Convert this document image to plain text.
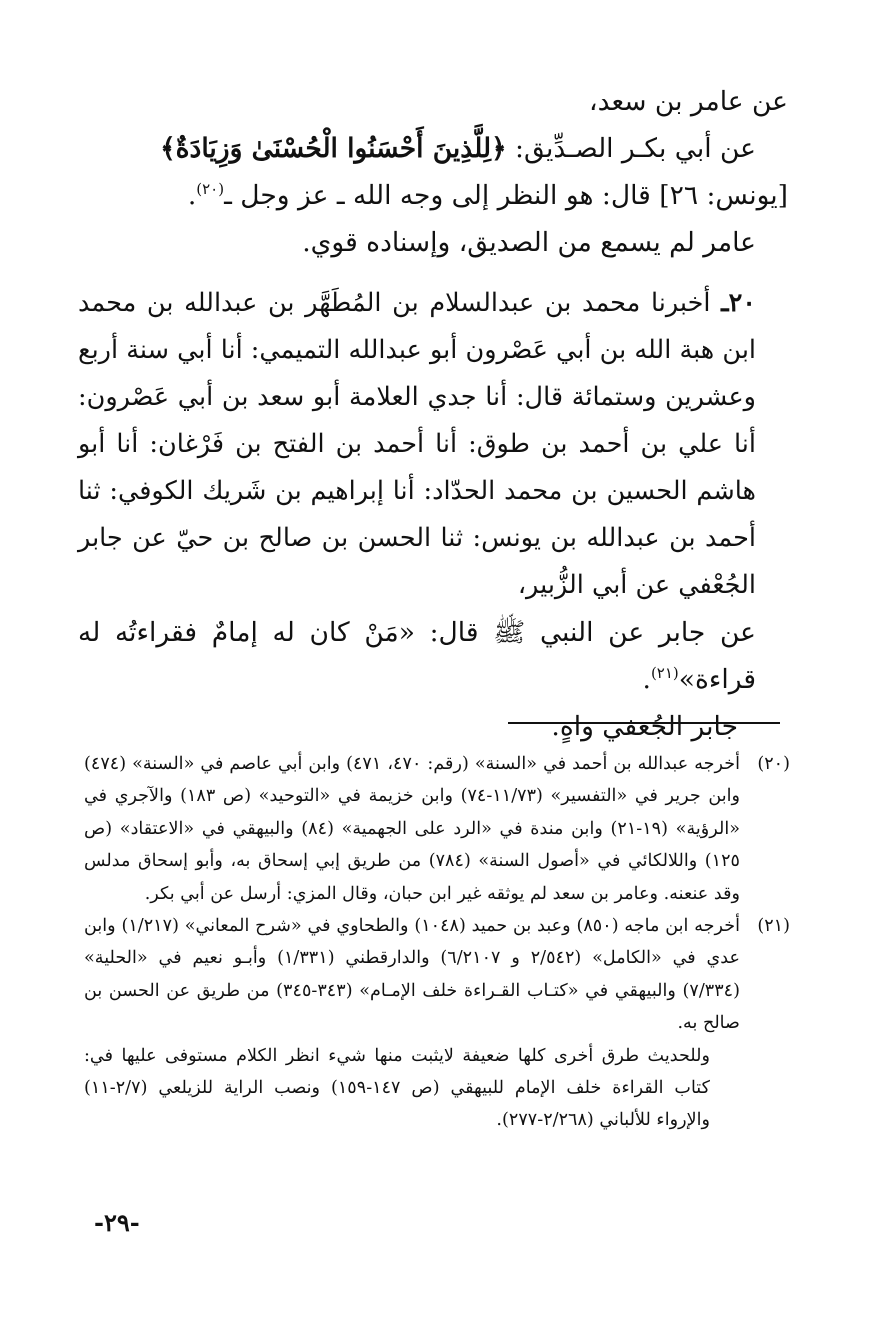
عن عامر بن سعد،

عن أبي بكـر الصـدِّيق: ﴿لِلَّذِينَ أَحْسَنُوا الْحُسْنَىٰ وَزِيَادَةٌ﴾

[يونس: ٢٦] قال: هو النظر إلى وجه الله ـ عز وجل ـ$^{(٢٠)}$.

عامر لم يسمع من الصديق، وإسناده قوي.

٢٠ـ أخبرنا محمد بن عبدالسلام بن المُطَهَّر بن عبدالله بن محمد ابن هبة الله بن أبي عَصْرون أبو عبدالله التميمي: أنا أبي سنة أربع وعشرين وستمائة قال: أنا جدي العلامة أبو سعد بن أبي عَصْرون: أنا علي بن أحمد بن طوق: أنا أحمد بن الفتح بن فَرْغان: أنا أبو هاشم الحسين بن محمد الحدّاد: أنا إبراهيم بن شَريك الكوفي: ثنا أحمد بن عبدالله بن يونس: ثنا الحسن بن صالح بن حيّ عن جابر الجُعْفي عن أبي الزُّبير،

عن جابر عن النبي ﷺ قال: «مَنْ كان له إمامٌ فقراءتُه له قراءة»$^{(٢١)}$.

جابر الجُعفي واهٍ.

(٢٠)

أخرجه عبدالله بن أحمد في «السنة» (رقم: ٤٧٠، ٤٧١) وابن أبي عاصم في «السنة» (٤٧٤) وابن جرير في «التفسير» (١١/٧٣-٧٤) وابن خزيمة في «التوحيد» (ص ١٨٣) والآجري في «الرؤية» (١٩-٢١) وابن مندة في «الرد على الجهمية» (٨٤) والبيهقي في «الاعتقاد» (ص ١٢٥) واللالكائي في «أصول السنة» (٧٨٤) من طريق إبي إسحاق به، وأبو إسحاق مدلس وقد عنعنه. وعامر بن سعد لم يوثقه غير ابن حبان، وقال المزي: أرسل عن أبي بكر.

(٢١)

أخرجه ابن ماجه (٨٥٠) وعبد بن حميد (١٠٤٨) والطحاوي في «شرح المعاني» (١/٢١٧) وابن عدي في «الكامل» (٢/٥٤٢ و ٦/٢١٠٧) والدارقطني (١/٣٣١) وأبـو نعيم في «الحلية» (٧/٣٣٤) والبيهقي في «كتـاب القـراءة خلف الإمـام» (٣٤٣-٣٤٥) من طريق عن الحسن بن صالح به.

وللحديث طرق أخرى كلها ضعيفة لايثبت منها شيء انظر الكلام مستوفى عليها في: كتاب القراءة خلف الإمام للبيهقي (ص ١٤٧-١٥٩) ونصب الراية للزيلعي (٢/٧-١١) والإرواء للألباني (٢/٢٦٨-٢٧٧).

-٢٩-
